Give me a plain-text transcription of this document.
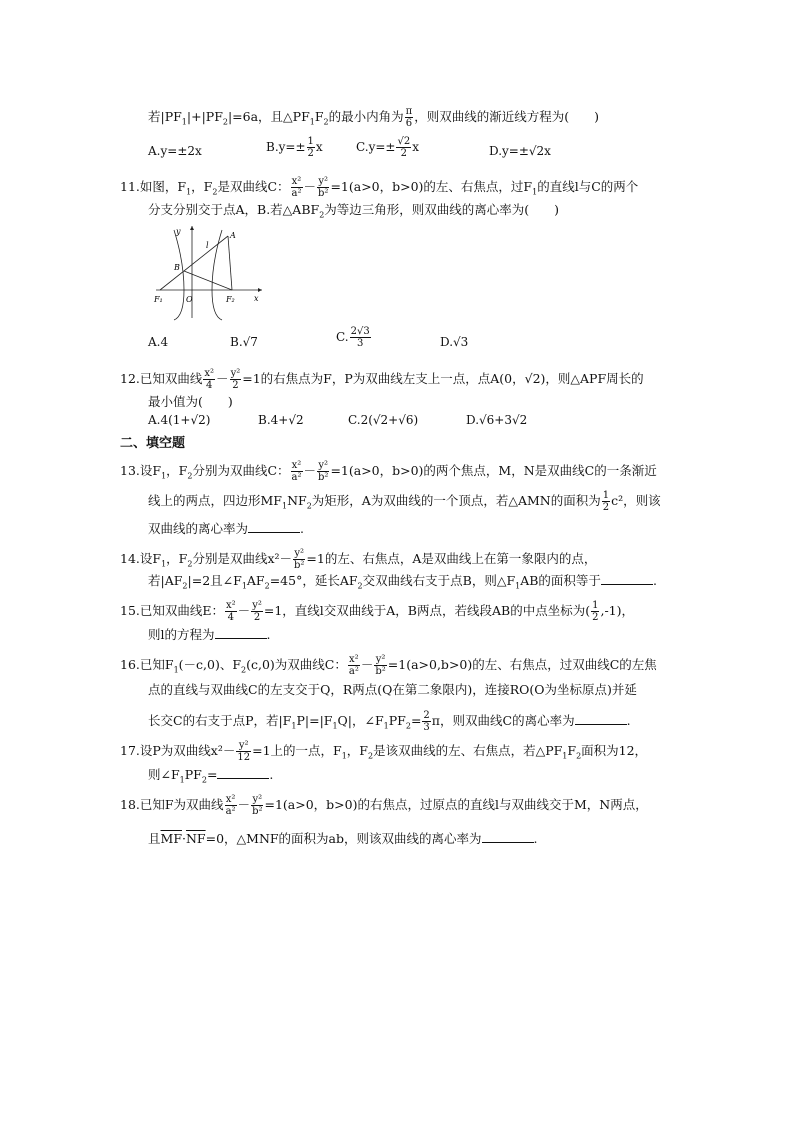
若$|PF_1|+|PF_2|=6a$，且$\triangle PF_1F_2$的最小内角为 $\frac{\pi}{6}$ ，则双曲线的渐近线方程为(　　)
A.y=±2x	$B.y=\pm \frac{1}{2}$ x	$C.y=\pm \frac{√2}{2}$ x	D.y=±√2x
11.如图，$F_1$，$F_2$是双曲线C： $\frac{\text{x²}}{\text{a²}} - \frac{\text{y²}}{\text{b²}} =1(a>0$，b>0)的左、右焦点，过$F_1$的直线l与C的两个
分支分别交于点A，B.若$\triangle ABF_2$为等边三角形，则双曲线的离心率为(　　)
y
l
A
B
F₁	O	F₂ x
A.4	B.√7	C. $\frac{2√3}{3}$	D.√3
12.已知双曲线 $\frac{\text{x²}}{4} - \frac{\text{y²}}{2} =1$的右焦点为F，P为双曲线左支上一点，点A(0，√2)，则△APF周长的
最小值为(　　)
A.4(1+√2)	B.4+√2	C.2(√2+√6)	D.√6+3√2
二、填空题
13.设$F_1$，$F_2$分别为双曲线C： $\frac{\text{x²}}{\text{a²}} - \frac{\text{y²}}{\text{b²}} =1(a>0$，b>0)的两个焦点，M，N是双曲线C的一条渐近
线上的两点，四边形$MF_1NF_2$为矩形，A为双曲线的一个顶点，若△AMN的面积为 $\frac{1}{2} c^2$，则该
双曲线的离心率为	.
14.设$F_1$，$F_2$分别是双曲线$x^2- \frac{\text{y²}}{\text{b²}} =1$的左、右焦点，A是双曲线上在第一象限内的点，
若$|AF_2|=2$且$\angle F_1AF_2=45^\circ$，延长$AF_2$交双曲线右支于点B，则$\triangle F_1AB$的面积等于	.
15.已知双曲线E： $\frac{\text{x²}}{4} - \frac{\text{y²}}{2} =1$，直线l交双曲线于A，B两点，若线段AB的中点坐标为( $\frac{1}{2} ,-1$)，
则l的方程为	.
16.已知$F_1(-c,0)$、$F_2(c,0)$为双曲线C： $\frac{\text{x²}}{\text{a²}} - \frac{\text{y²}}{\text{b²}} =1(a>0,b>0)$的左、右焦点，过双曲线C的左焦
点的直线与双曲线C的左支交于Q，R两点(Q在第二象限内)，连接RO(O为坐标原点)并延
长交C的右支于点P，若$|F_1P|=|F_1Q|$，$\angle F_1PF_2= \frac{2}{3}$ π，则双曲线C的离心率为	.
17.设P为双曲线$x^2- \frac{\text{y²}}{12} =1$上的一点，$F_1$，$F_2$是该双曲线的左、右焦点，若$\triangle PF_1F_2$面积为12，
则$\angle F_1PF_2=$	.
18.已知F为双曲线 $\frac{\text{x²}}{\text{a²}} - \frac{\text{y²}}{\text{b²}} =1(a>0$，b>0)的右焦点，过原点的直线l与双曲线交于M，N两点，
且$\overline{MF}\cdot\overline{NF}=0$，△MNF的面积为ab，则该双曲线的离心率为	.
